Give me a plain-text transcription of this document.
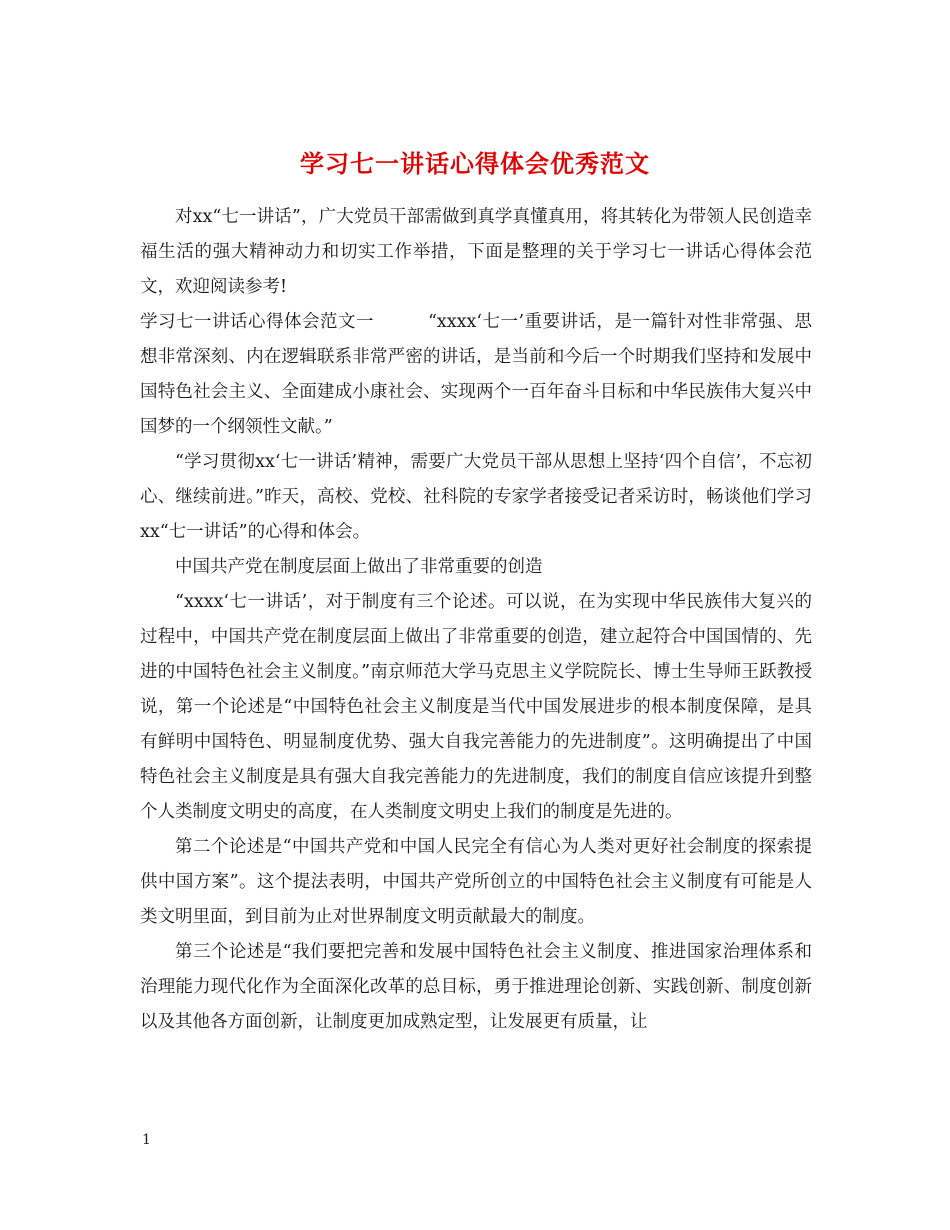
学习七一讲话心得体会优秀范文

对xx“七一讲话”，广大党员干部需做到真学真懂真用，将其转化为带领人民创造幸福生活的强大精神动力和切实工作举措，下面是整理的关于学习七一讲话心得体会范文，欢迎阅读参考!

学习七一讲话心得体会范文一　　　“xxxx‘七一’重要讲话，是一篇针对性非常强、思想非常深刻、内在逻辑联系非常严密的讲话，是当前和今后一个时期我们坚持和发展中国特色社会主义、全面建成小康社会、实现两个一百年奋斗目标和中华民族伟大复兴中国梦的一个纲领性文献。”

“学习贯彻xx‘七一讲话’精神，需要广大党员干部从思想上坚持‘四个自信’，不忘初心、继续前进。”昨天，高校、党校、社科院的专家学者接受记者采访时，畅谈他们学习xx“七一讲话”的心得和体会。

中国共产党在制度层面上做出了非常重要的创造

“xxxx‘七一讲话’，对于制度有三个论述。可以说，在为实现中华民族伟大复兴的过程中，中国共产党在制度层面上做出了非常重要的创造，建立起符合中国国情的、先进的中国特色社会主义制度。”南京师范大学马克思主义学院院长、博士生导师王跃教授说，第一个论述是“中国特色社会主义制度是当代中国发展进步的根本制度保障，是具有鲜明中国特色、明显制度优势、强大自我完善能力的先进制度”。这明确提出了中国特色社会主义制度是具有强大自我完善能力的先进制度，我们的制度自信应该提升到整个人类制度文明史的高度，在人类制度文明史上我们的制度是先进的。

第二个论述是“中国共产党和中国人民完全有信心为人类对更好社会制度的探索提供中国方案”。这个提法表明，中国共产党所创立的中国特色社会主义制度有可能是人类文明里面，到目前为止对世界制度文明贡献最大的制度。

第三个论述是“我们要把完善和发展中国特色社会主义制度、推进国家治理体系和治理能力现代化作为全面深化改革的总目标，勇于推进理论创新、实践创新、制度创新以及其他各方面创新，让制度更加成熟定型，让发展更有质量，让

1
